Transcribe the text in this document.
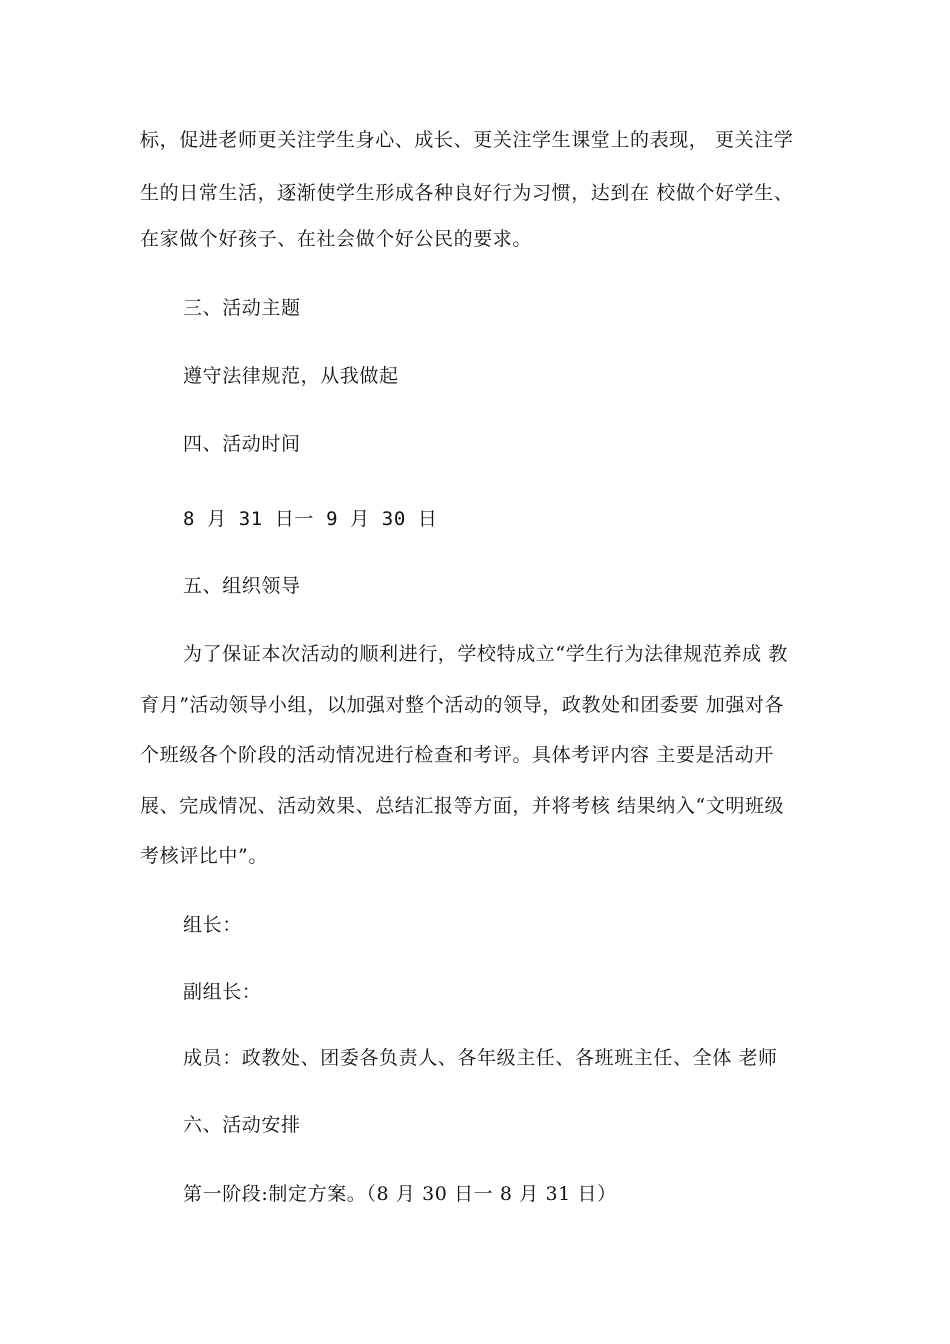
标，促进老师更关注学生身心、成长、更关注学生课堂上的表现， 更关注学
生的日常生活，逐渐使学生形成各种良好行为习惯，达到在 校做个好学生、
在家做个好孩子、在社会做个好公民的要求。
三、活动主题
遵守法律规范，从我做起
四、活动时间
8 月 31 日一 9 月 30 日
五、组织领导
为了保证本次活动的顺利进行，学校特成立“学生行为法律规范养成 教
育月”活动领导小组，以加强对整个活动的领导，政教处和团委要 加强对各
个班级各个阶段的活动情况进行检查和考评。具体考评内容 主要是活动开
展、完成情况、活动效果、总结汇报等方面，并将考核 结果纳入“文明班级
考核评比中”。
组长：
副组长：
成员：政教处、团委各负责人、各年级主任、各班班主任、全体 老师
六、活动安排
第一阶段:制定方案。（8 月 30 日一 8 月 31 日）
